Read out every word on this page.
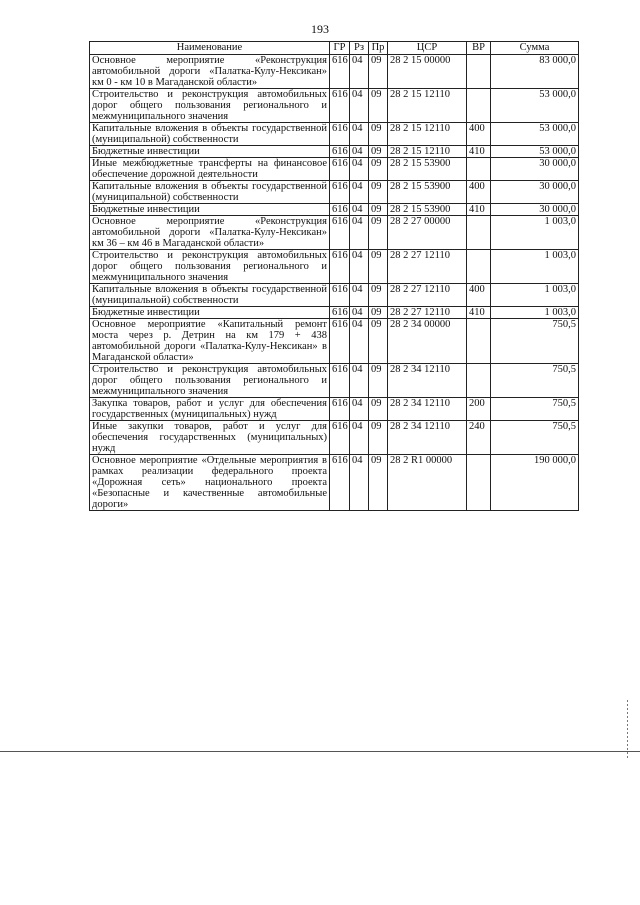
193
Наименование	ГР	Рз	Пр	ЦСР	ВР	Сумма
Основное мероприятие «Реконструкция автомобильной дороги «Палатка-Кулу-Нексикан» км 0 - км 10 в Магаданской области»	616	04	09	28 2 15 00000		83 000,0
Строительство и реконструкция автомобильных дорог общего пользования регионального и межмуниципального значения	616	04	09	28 2 15 12110		53 000,0
Капитальные вложения в объекты государственной (муниципальной) собственности	616	04	09	28 2 15 12110	400	53 000,0
Бюджетные инвестиции	616	04	09	28 2 15 12110	410	53 000,0
Иные межбюджетные трансферты на финансовое обеспечение дорожной деятельности	616	04	09	28 2 15 53900		30 000,0
Капитальные вложения в объекты государственной (муниципальной) собственности	616	04	09	28 2 15 53900	400	30 000,0
Бюджетные инвестиции	616	04	09	28 2 15 53900	410	30 000,0
Основное мероприятие «Реконструкция автомобильной дороги «Палатка-Кулу-Нексикан» км 36 – км 46 в Магаданской области»	616	04	09	28 2 27 00000		1 003,0
Строительство и реконструкция автомобильных дорог общего пользования регионального и межмуниципального значения	616	04	09	28 2 27 12110		1 003,0
Капитальные вложения в объекты государственной (муниципальной) собственности	616	04	09	28 2 27 12110	400	1 003,0
Бюджетные инвестиции	616	04	09	28 2 27 12110	410	1 003,0
Основное мероприятие «Капитальный ремонт моста через р. Детрин на км 179 + 438 автомобильной дороги «Палатка-Кулу-Нексикан» в Магаданской области»	616	04	09	28 2 34 00000		750,5
Строительство и реконструкция автомобильных дорог общего пользования регионального и межмуниципального значения	616	04	09	28 2 34 12110		750,5
Закупка товаров, работ и услуг для обеспечения государственных (муниципальных) нужд	616	04	09	28 2 34 12110	200	750,5
Иные закупки товаров, работ и услуг для обеспечения государственных (муниципальных) нужд	616	04	09	28 2 34 12110	240	750,5
Основное мероприятие «Отдельные мероприятия в рамках реализации федерального проекта «Дорожная сеть» национального проекта «Безопасные и качественные автомобильные дороги»	616	04	09	28 2 R1 00000		190 000,0
